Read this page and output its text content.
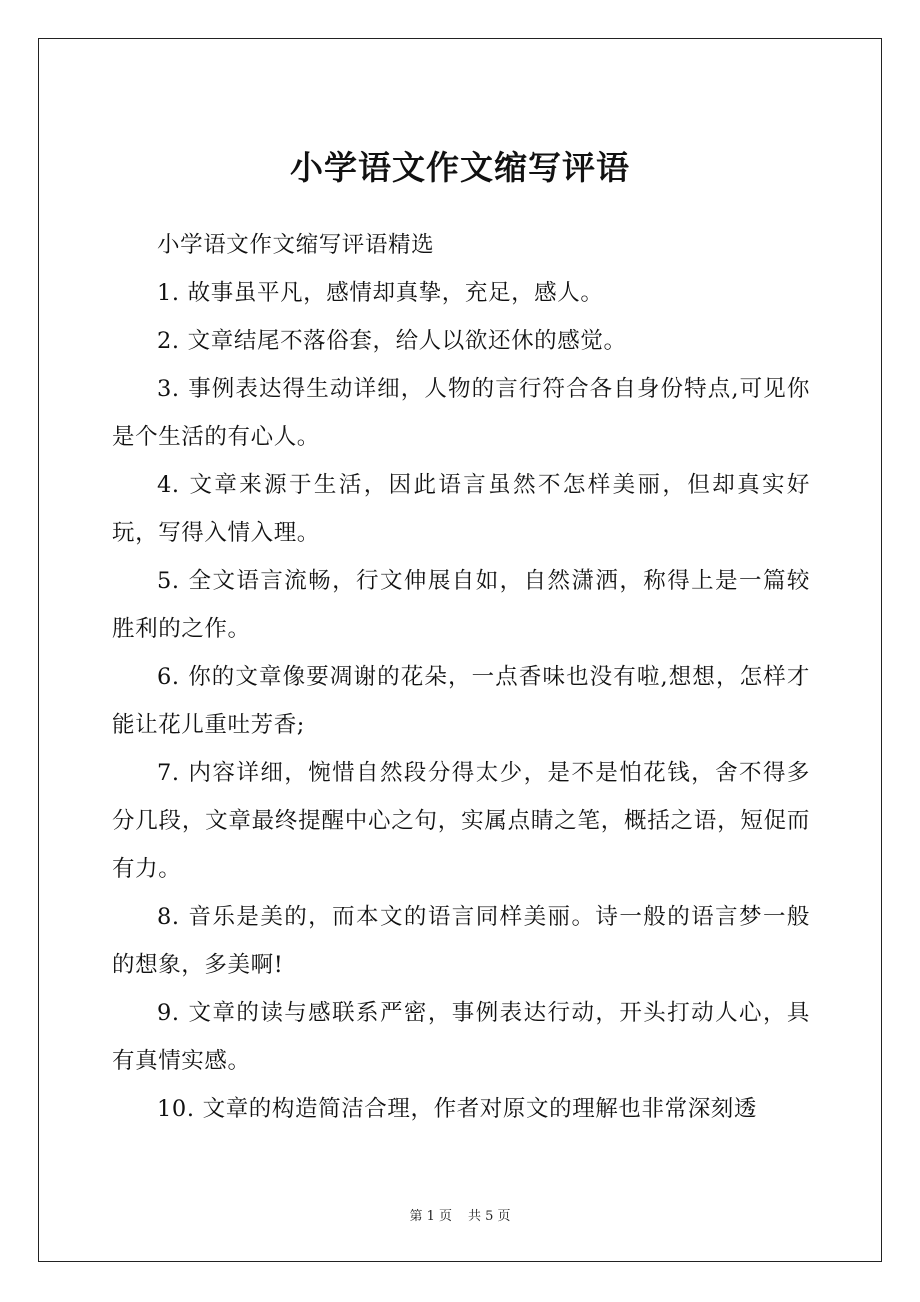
小学语文作文缩写评语

小学语文作文缩写评语精选

1. 故事虽平凡，感情却真挚，充足，感人。

2. 文章结尾不落俗套，给人以欲还休的感觉。

3. 事例表达得生动详细，人物的言行符合各自身份特点,可见你是个生活的有心人。

4. 文章来源于生活，因此语言虽然不怎样美丽，但却真实好玩，写得入情入理。

5. 全文语言流畅，行文伸展自如，自然潇洒，称得上是一篇较胜利的之作。

6. 你的文章像要凋谢的花朵，一点香味也没有啦,想想，怎样才能让花儿重吐芳香;

7. 内容详细，惋惜自然段分得太少，是不是怕花钱，舍不得多分几段，文章最终提醒中心之句，实属点睛之笔，概括之语，短促而有力。

8. 音乐是美的，而本文的语言同样美丽。诗一般的语言梦一般的想象，多美啊!

9. 文章的读与感联系严密，事例表达行动，开头打动人心，具有真情实感。

10. 文章的构造简洁合理，作者对原文的理解也非常深刻透

第 1 页 共 5 页
